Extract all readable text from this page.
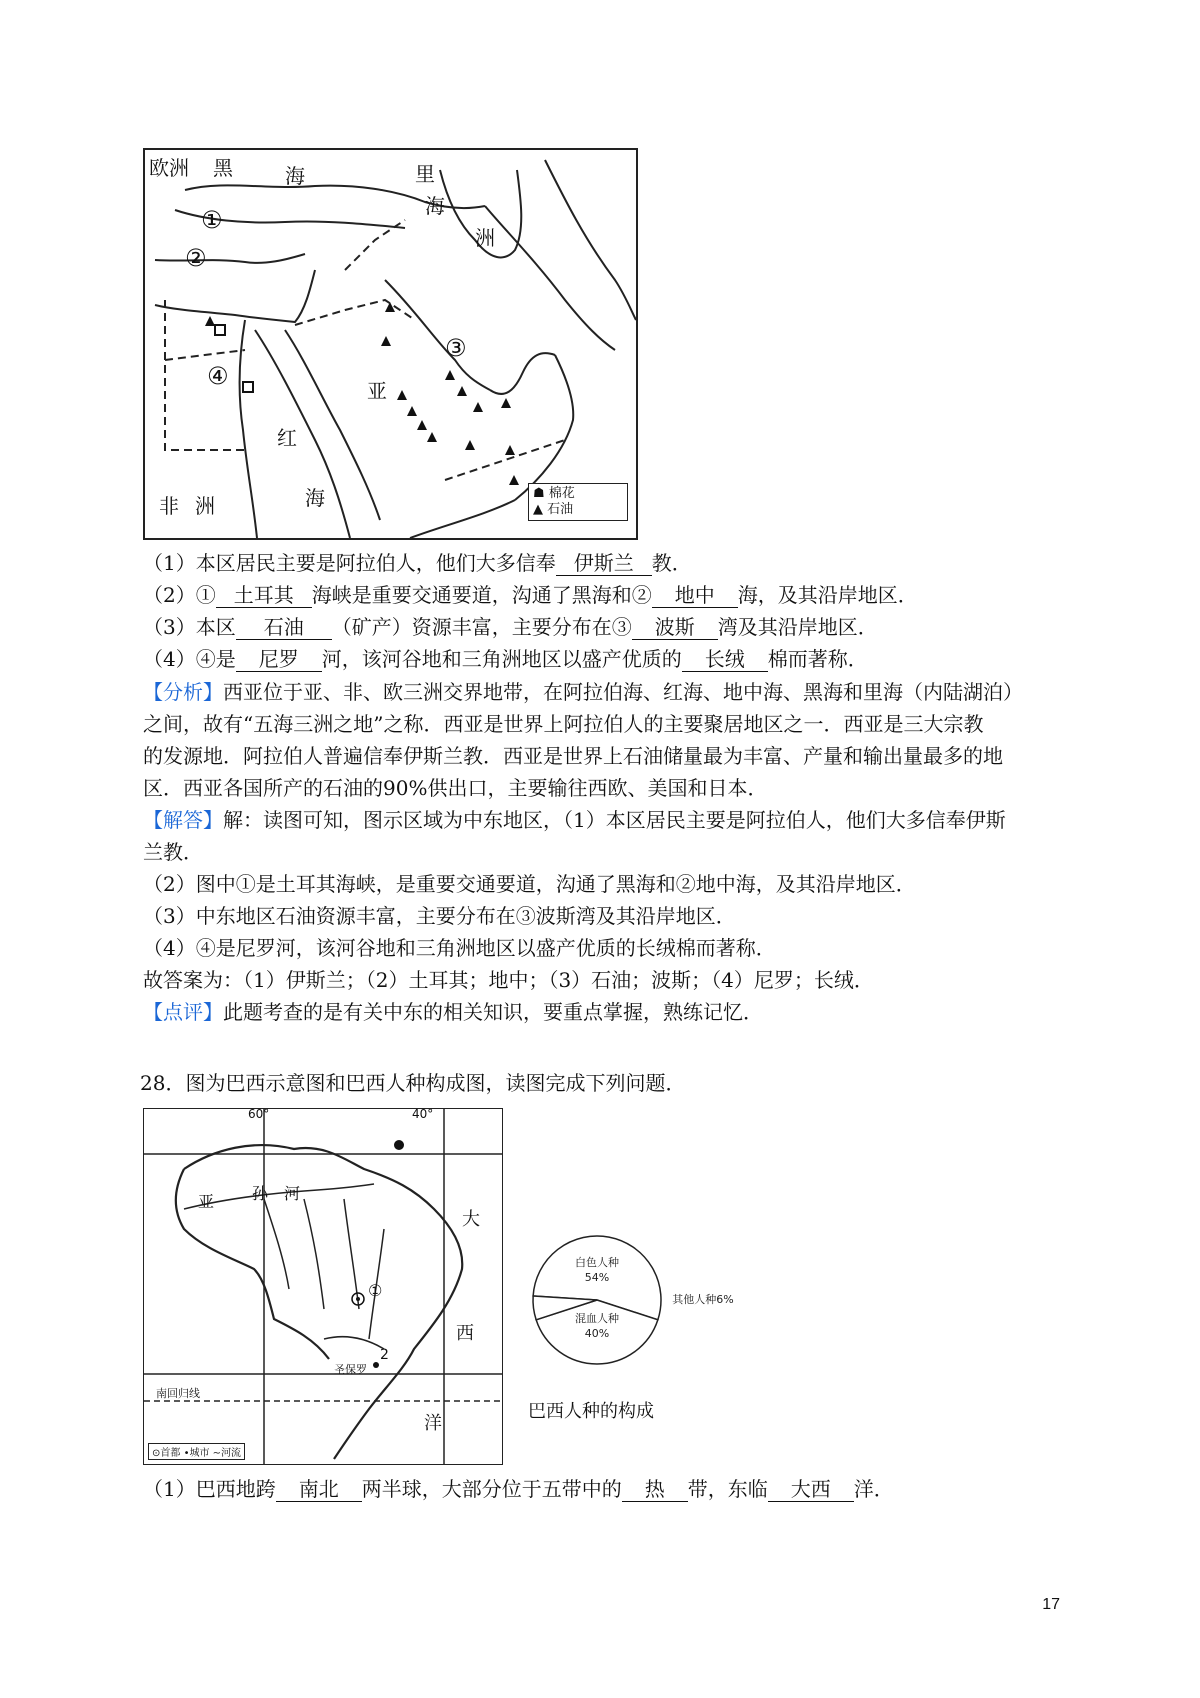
欧洲 黑	海	里
海
洲
亚
非 洲
红
海
①
②
③
④
☗ 棉花
▲ 石油
（1）本区居民主要是阿拉伯人，他们大多信奉 伊斯兰 教．
（2）① 土耳其 海峡是重要交通要道，沟通了黑海和② 地中 海，及其沿岸地区．
（3）本区 石油 （矿产）资源丰富，主要分布在③ 波斯 湾及其沿岸地区．
（4）④是 尼罗 河，该河谷地和三角洲地区以盛产优质的 长绒 棉而著称．
【分析】西亚位于亚、非、欧三洲交界地带，在阿拉伯海、红海、地中海、黑海和里海（内陆湖泊）
之间，故有“五海三洲之地”之称．西亚是世界上阿拉伯人的主要聚居地区之一．西亚是三大宗教
的发源地．阿拉伯人普遍信奉伊斯兰教．西亚是世界上石油储量最为丰富、产量和输出量最多的地
区．西亚各国所产的石油的90%供出口，主要输往西欧、美国和日本．
【解答】解：读图可知，图示区域为中东地区，（1）本区居民主要是阿拉伯人，他们大多信奉伊斯
兰教．
（2）图中①是土耳其海峡，是重要交通要道，沟通了黑海和②地中海，及其沿岸地区．
（3）中东地区石油资源丰富，主要分布在③波斯湾及其沿岸地区．
（4）④是尼罗河，该河谷地和三角洲地区以盛产优质的长绒棉而著称．
故答案为：（1）伊斯兰；（2）土耳其；地中；（3）石油；波斯；（4）尼罗；长绒．
【点评】此题考查的是有关中东的相关知识，要重点掌握，熟练记忆．
28．图为巴西示意图和巴西人种构成图，读图完成下列问题．
60°	40°
大
西
洋
亚 孙 河
①
2
南回归线
圣保罗
⊙首都 •城市 ∼河流
白色人种
54%
混血人种
40%
其他人种6%
巴西人种的构成
（1）巴西地跨 南北 两半球，大部分位于五带中的 热 带，东临 大西 洋．
17
